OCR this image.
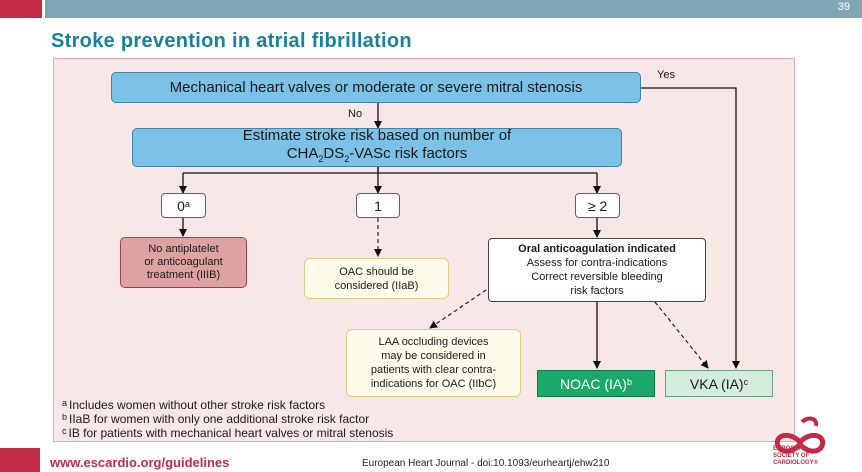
39
Stroke prevention in atrial fibrillation
Yes
No
Mechanical heart valves or moderate or severe mitral stenosis
Estimate stroke risk based on number of
$CHA_2DS_2$-VASc risk factors
0$^a$	1	≥ 2
No antiplatelet
or anticoagulant
treatment (IIIB)	OAC should be
considered (IIaB)
Oral anticoagulation indicated
Assess for contra-indications
Correct reversible bleeding
risk factors
LAA occluding devices
may be considered in
patients with clear contra-
indications for OAC (IIbC)	NOAC (IA)$^b$	VKA (IA)$^c$
$^a$ Includes women without other stroke risk factors
$^b$ IIaB for women with only one additional stroke risk factor
$^c$ IB for patients with mechanical heart valves or mitral stenosis
www.escardio.org/guidelines	European Heart Journal - doi:10.1093/eurheartj/ehw210
EUROPEAN
SOCIETY OF
CARDIOLOGY®
